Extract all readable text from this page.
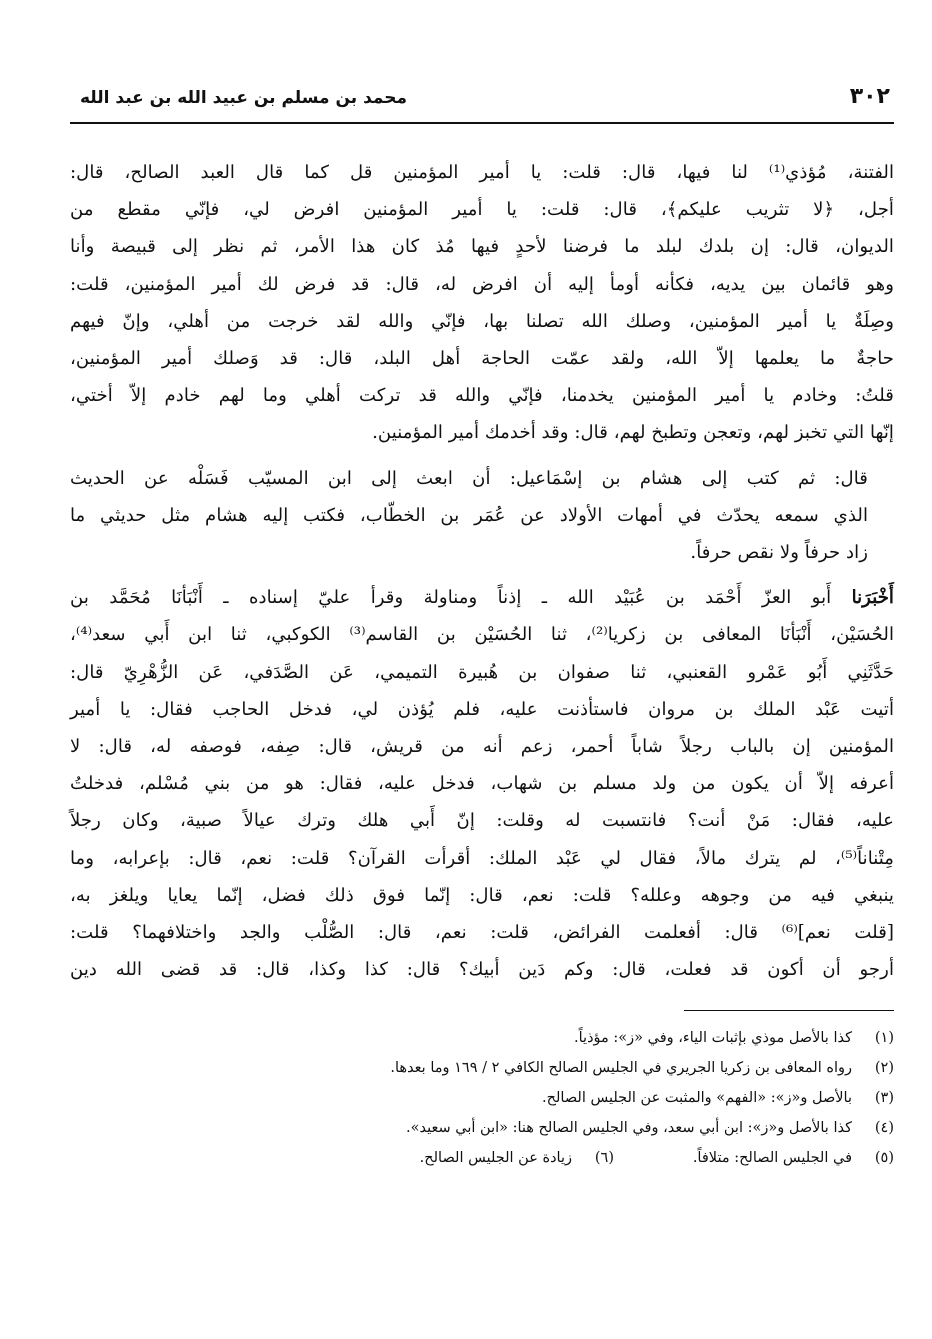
٣٠٢
محمد بن مسلم بن عبيد الله بن عبد الله

الفتنة، مُؤذي⁽¹⁾ لنا فيها، قال: قلت: يا أمير المؤمنين قل كما قال العبد الصالح، قال:
أجل، ﴿لا تثريب عليكم﴾، قال: قلت: يا أمير المؤمنين افرض لي، فإنّي مقطع من
الديوان، قال: إن بلدك لبلد ما فرضنا لأحدٍ فيها مُذ كان هذا الأمر، ثم نظر إلى قبيصة وأنا
وهو قائمان بين يديه، فكأنه أومأ إليه أن افرض له، قال: قد فرض لك أمير المؤمنين، قلت:
وصِلَةٌ يا أمير المؤمنين، وصلك الله تصلنا بها، فإنّي والله لقد خرجت من أهلي، وإنّ فيهم
حاجةٌ ما يعلمها إلاّ الله، ولقد عمّت الحاجة أهل البلد، قال: قد وَصلك أمير المؤمنين،
قلتُ: وخادم يا أمير المؤمنين يخدمنا، فإنّي والله قد تركت أهلي وما لهم خادم إلاّ أختي،
إنّها التي تخبز لهم، وتعجن وتطبخ لهم، قال: وقد أخدمك أمير المؤمنين.

قال: ثم كتب إلى هشام بن إسْمَاعيل: أن ابعث إلى ابن المسيّب فَسَلْه عن الحديث
الذي سمعه يحدّث في أمهات الأولاد عن عُمَر بن الخطّاب، فكتب إليه هشام مثل حديثي ما
زاد حرفاً ولا نقص حرفاً.

أَخْبَرَنا أَبو العزّ أَحْمَد بن عُبَيْد الله ـ إذناً ومناولة وقرأ عليّ إسناده ـ أَنْبَأنَا مُحَمَّد بن
الحُسَيْن، أَنْبَأنَا المعافى بن زكريا⁽²⁾، ثنا الحُسَيْن بن القاسم⁽³⁾ الكوكبي، ثنا ابن أَبي سعد⁽⁴⁾،
حَدَّثَنِي أَبُو عَمْرو القعنبي، ثنا صفوان بن هُبيرة التميمي، عَن الصَّدَفي، عَن الزُّهْرِيّ قال:
أتيت عَبْد الملك بن مروان فاستأذنت عليه، فلم يُؤذن لي، فدخل الحاجب فقال: يا أمير
المؤمنين إن بالباب رجلاً شاباً أحمر، زعم أنه من قريش، قال: صِفه، فوصفه له، قال: لا
أعرفه إلاّ أن يكون من ولد مسلم بن شهاب، فدخل عليه، فقال: هو من بني مُسْلم، فدخلتُ
عليه، فقال: مَنْ أنت؟ فانتسبت له وقلت: إنّ أَبي هلك وترك عيالاً صبية، وكان رجلاً
مِتْناناً⁽⁵⁾، لم يترك مالاً، فقال لي عَبْد الملك: أقرأت القرآن؟ قلت: نعم، قال: بإعرابه، وما
ينبغي فيه من وجوهه وعلله؟ قلت: نعم، قال: إنّما فوق ذلك فضل، إنّما يعايا ويلغز به،
[قلت نعم]⁽⁶⁾ قال: أفعلمت الفرائض، قلت: نعم، قال: الصُّلْب والجد واختلافهما؟ قلت:
أرجو أن أكون قد فعلت، قال: وكم دَين أبيك؟ قال: كذا وكذا، قال: قد قضى الله دين

(١)
كذا بالأصل موذي بإثبات الياء، وفي «ز»: مؤذياً.
(٢)
رواه المعافى بن زكريا الجريري في الجليس الصالح الكافي ٢ / ١٦٩ وما بعدها.
(٣)
بالأصل و«ز»: «الفهم» والمثبت عن الجليس الصالح.
(٤)
كذا بالأصل و«ز»: ابن أبي سعد، وفي الجليس الصالح هنا: «ابن أبي سعيد».
(٥)
في الجليس الصالح: متلافاً.
(٦)
زيادة عن الجليس الصالح.
